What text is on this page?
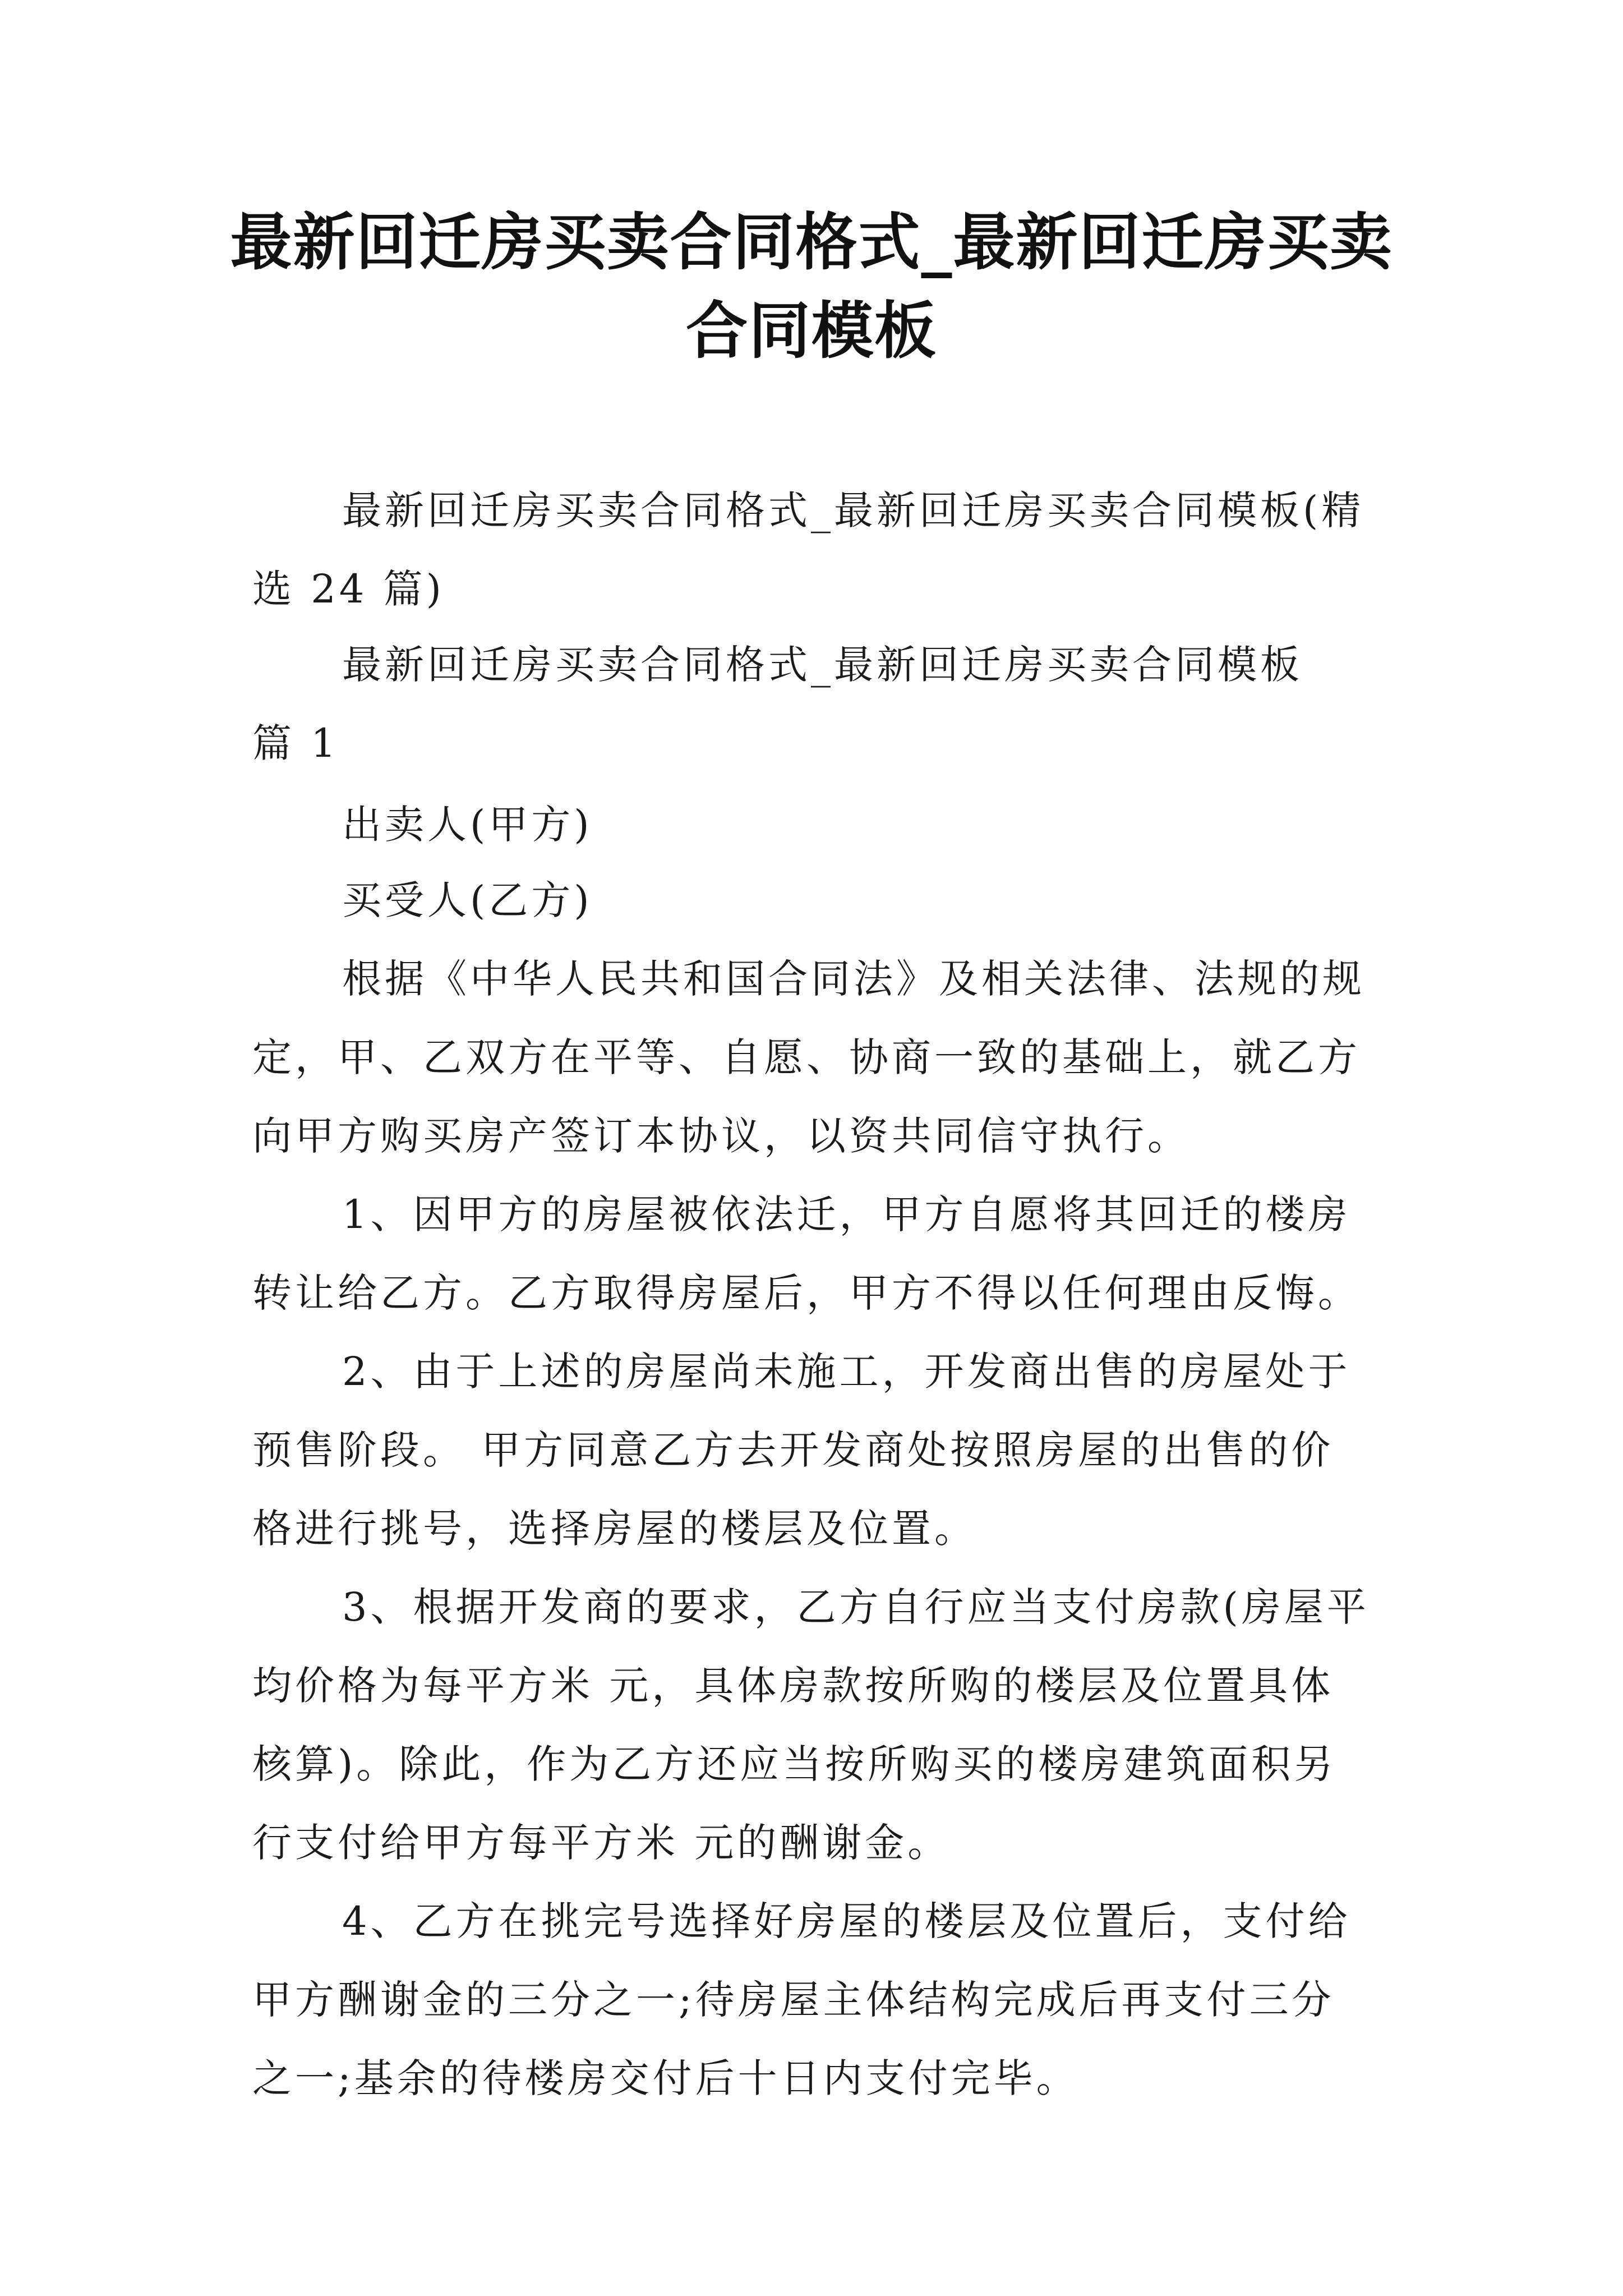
最新回迁房买卖合同格式_最新回迁房买卖
合同模板

最新回迁房买卖合同格式_最新回迁房买卖合同模板(精

选 24 篇)

最新回迁房买卖合同格式_最新回迁房买卖合同模板

篇 1

出卖人(甲方)

买受人(乙方)

根据《中华人民共和国合同法》及相关法律、法规的规

定，甲、乙双方在平等、自愿、协商一致的基础上，就乙方

向甲方购买房产签订本协议，以资共同信守执行。

1、因甲方的房屋被依法迁，甲方自愿将其回迁的楼房

转让给乙方。乙方取得房屋后，甲方不得以任何理由反悔。

2、由于上述的房屋尚未施工，开发商出售的房屋处于

预售阶段。 甲方同意乙方去开发商处按照房屋的出售的价

格进行挑号，选择房屋的楼层及位置。

3、根据开发商的要求，乙方自行应当支付房款(房屋平

均价格为每平方米 元，具体房款按所购的楼层及位置具体

核算)。除此，作为乙方还应当按所购买的楼房建筑面积另

行支付给甲方每平方米 元的酬谢金。

4、乙方在挑完号选择好房屋的楼层及位置后，支付给

甲方酬谢金的三分之一;待房屋主体结构完成后再支付三分

之一;基余的待楼房交付后十日内支付完毕。
